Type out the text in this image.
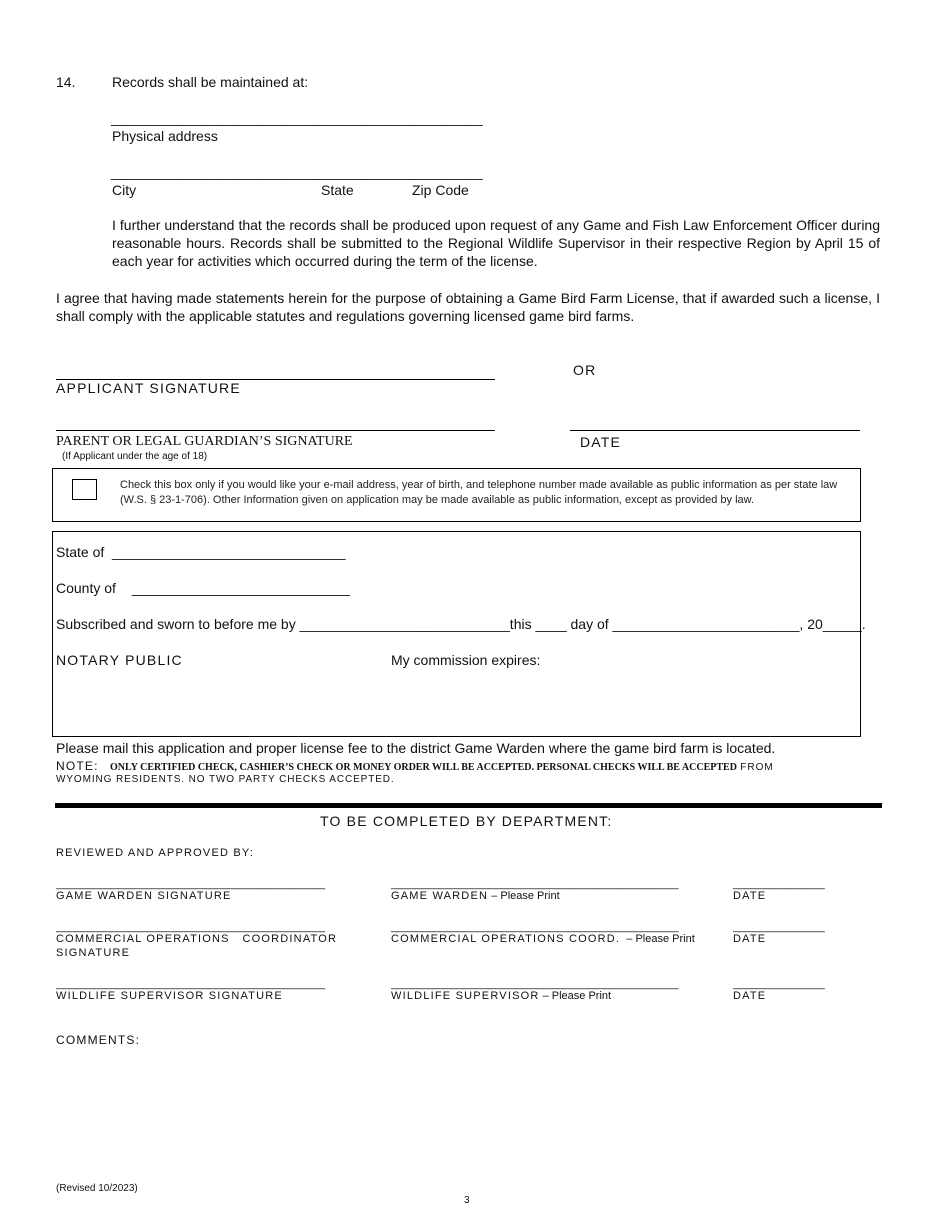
14.	Records shall be maintained at:
______________________________________________
Physical address
______________________________________________
City	State	Zip Code
I further understand that the records shall be produced upon request of any Game and Fish Law Enforcement Officer during reasonable hours. Records shall be submitted to the Regional Wildlife Supervisor in their respective Region by April 15 of each year for activities which occurred during the term of the license.
I agree that having made statements herein for the purpose of obtaining a Game Bird Farm License, that if awarded such a license, I shall comply with the applicable statutes and regulations governing licensed game bird farms.
OR
APPLICANT SIGNATURE
PARENT OR LEGAL GUARDIAN’S SIGNATURE	DATE
(If Applicant under the age of 18)
Check this box only if you would like your e-mail address, year of birth, and telephone number made available as public information as per state law (W.S. § 23-1-706). Other Information given on application may be made available as public information, except as provided by law.
State of ______________________________
County of ____________________________
Subscribed and sworn to before me by ___________________________this ____ day of ________________________, 20_____.
NOTARY PUBLIC	My commission expires:
Please mail this application and proper license fee to the district Game Warden where the game bird farm is located.
NOTE: ONLY CERTIFIED CHECK, CASHIER’S CHECK OR MONEY ORDER WILL BE ACCEPTED. PERSONAL CHECKS WILL BE ACCEPTED FROM
WYOMING RESIDENTS. NO TWO PARTY CHECKS ACCEPTED.
TO BE COMPLETED BY DEPARTMENT:
REVIEWED AND APPROVED BY:
____________________________________________	_______________________________________________	_______________
GAME WARDEN SIGNATURE	GAME WARDEN – Please Print	DATE
____________________________________________	_______________________________________________	_______________
COMMERCIAL OPERATIONS   COORDINATOR
SIGNATURE
COMMERCIAL OPERATIONS COORD.  – Please Print	DATE
____________________________________________	_______________________________________________	_______________
WILDLIFE SUPERVISOR SIGNATURE	WILDLIFE SUPERVISOR – Please Print	DATE
COMMENTS:
(Revised 10/2023)
3
